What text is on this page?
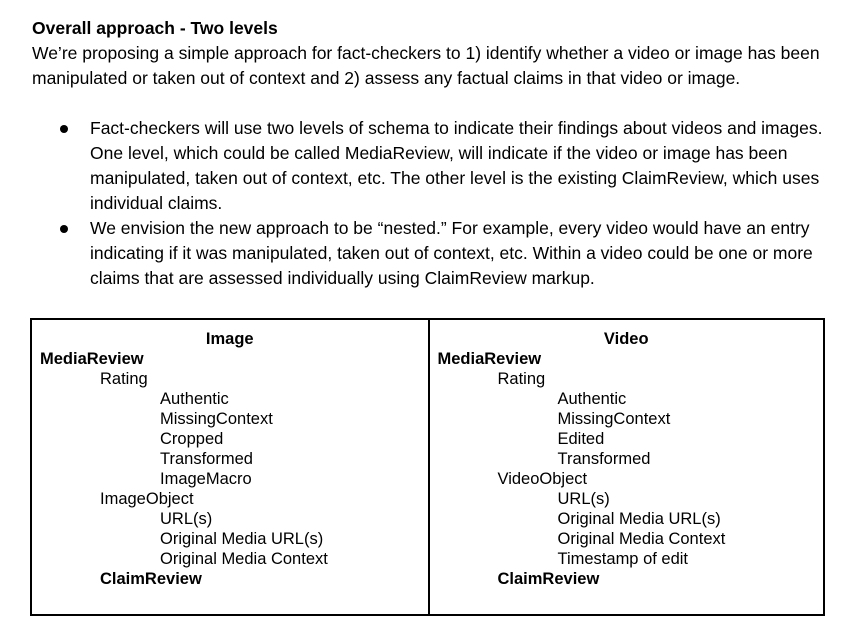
Overall approach - Two levels
We’re proposing a simple approach for fact-checkers to 1) identify whether a video or image has been manipulated or taken out of context and 2) assess any factual claims in that video or image.
Fact-checkers will use two levels of schema to indicate their findings about videos and images. One level, which could be called MediaReview, will indicate if the video or image has been manipulated, taken out of context, etc. The other level is the existing ClaimReview, which uses individual claims.
We envision the new approach to be “nested.” For example, every video would have an entry indicating if it was manipulated, taken out of context, etc. Within a video could be one or more claims that are assessed individually using ClaimReview markup.
Image
MediaReview
Rating
Authentic
MissingContext
Cropped
Transformed
ImageMacro
ImageObject
URL(s)
Original Media URL(s)
Original Media Context
ClaimReview
Video
MediaReview
Rating
Authentic
MissingContext
Edited
Transformed
VideoObject
URL(s)
Original Media URL(s)
Original Media Context
Timestamp of edit
ClaimReview
